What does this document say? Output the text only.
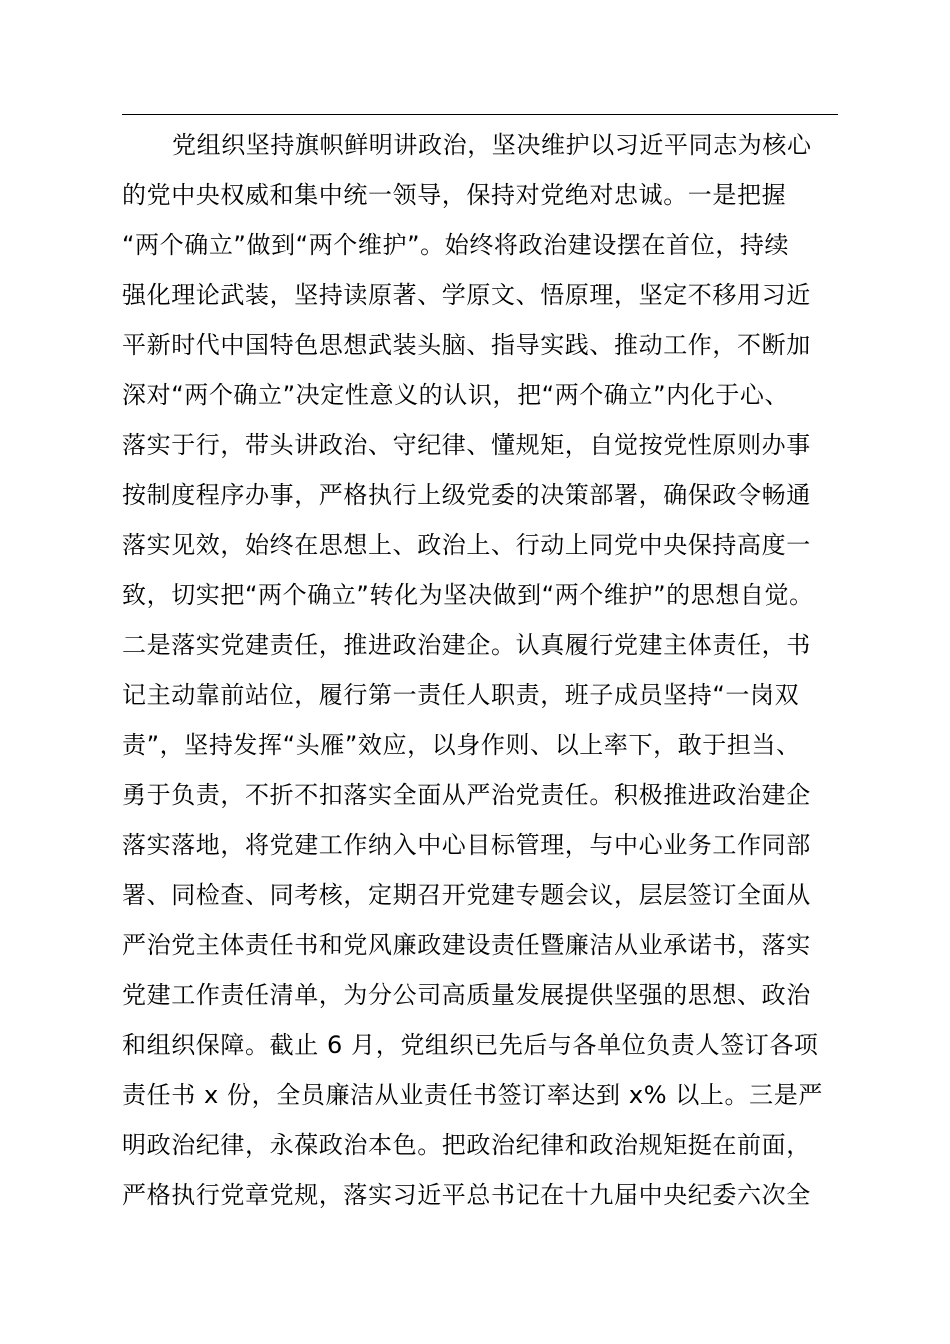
党组织坚持旗帜鲜明讲政治，坚决维护以习近平同志为核心
的党中央权威和集中统一领导，保持对党绝对忠诚。一是把握
“两个确立”做到“两个维护”。始终将政治建设摆在首位，持续
强化理论武装，坚持读原著、学原文、悟原理，坚定不移用习近
平新时代中国特色思想武装头脑、指导实践、推动工作，不断加
深对“两个确立”决定性意义的认识，把“两个确立”内化于心、
落实于行，带头讲政治、守纪律、懂规矩，自觉按党性原则办事
按制度程序办事，严格执行上级党委的决策部署，确保政令畅通
落实见效，始终在思想上、政治上、行动上同党中央保持高度一
致，切实把“两个确立”转化为坚决做到“两个维护”的思想自觉。
二是落实党建责任，推进政治建企。认真履行党建主体责任，书
记主动靠前站位，履行第一责任人职责，班子成员坚持“一岗双
责”，坚持发挥“头雁”效应，以身作则、以上率下，敢于担当、
勇于负责，不折不扣落实全面从严治党责任。积极推进政治建企
落实落地，将党建工作纳入中心目标管理，与中心业务工作同部
署、同检查、同考核，定期召开党建专题会议，层层签订全面从
严治党主体责任书和党风廉政建设责任暨廉洁从业承诺书，落实
党建工作责任清单，为分公司高质量发展提供坚强的思想、政治
和组织保障。截止 6 月，党组织已先后与各单位负责人签订各项
责任书 x 份，全员廉洁从业责任书签订率达到 x% 以上。三是严
明政治纪律，永葆政治本色。把政治纪律和政治规矩挺在前面，
严格执行党章党规，落实习近平总书记在十九届中央纪委六次全
